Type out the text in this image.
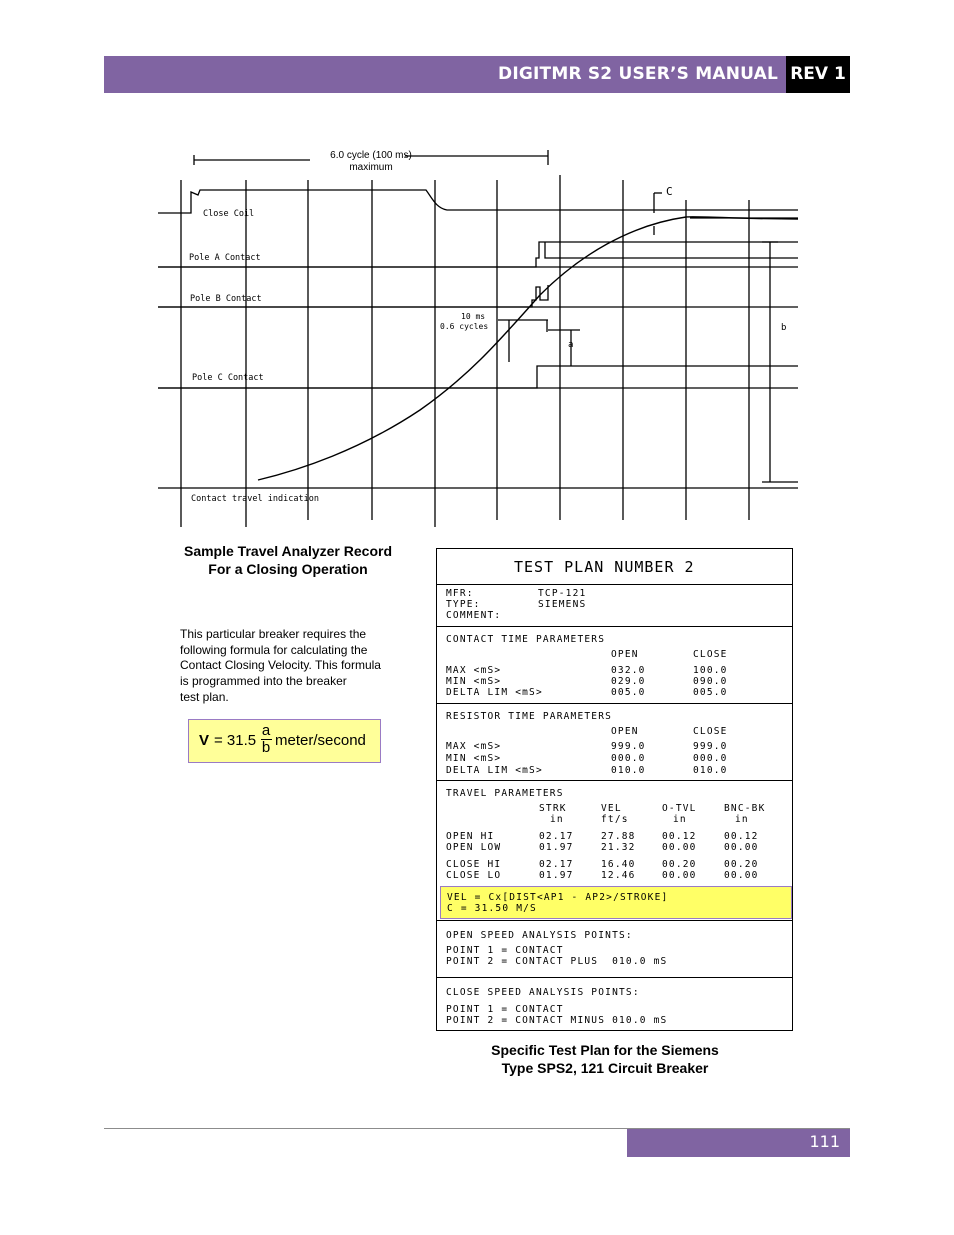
DIGITMR S2 USER’S MANUAL REV 1
6.0 cycle (100 ms)
maximum
C
a
b
10 ms
0.6 cycles
Close Coil
Pole A Contact
Pole B Contact
Pole C Contact
Contact travel indication
Sample Travel Analyzer Record
For a Closing Operation
This particular breaker requires the
following formula for calculating the
Contact Closing Velocity. This formula
is programmed into the breaker
test plan.
V = 31.5
a
b meter/second
TEST PLAN NUMBER 2
MFR:	TCP-121
TYPE:	SIEMENS
COMMENT:
CONTACT TIME PARAMETERS
OPEN	CLOSE
MAX <mS>	032.0	100.0
MIN <mS>	029.0	090.0
DELTA LIM <mS>	005.0	005.0
RESISTOR TIME PARAMETERS
OPEN	CLOSE
MAX <mS>	999.0	999.0
MIN <mS>	000.0	000.0
DELTA LIM <mS>	010.0	010.0
TRAVEL PARAMETERS
STRK	VEL	O-TVL	BNC-BK
in	ft/s	in	in
OPEN HI	02.17	27.88	00.12	00.12
OPEN LOW	01.97	21.32	00.00	00.00
CLOSE HI	02.17	16.40	00.20	00.20
CLOSE LO	01.97	12.46	00.00	00.00
VEL = Cx[DIST<AP1 - AP2>/STROKE]
C = 31.50 M/S
OPEN SPEED ANALYSIS POINTS:
POINT 1 = CONTACT
POINT 2 = CONTACT PLUS  010.0 mS
CLOSE SPEED ANALYSIS POINTS:
POINT 1 = CONTACT
POINT 2 = CONTACT MINUS 010.0 mS
Specific Test Plan for the Siemens
Type SPS2, 121 Circuit Breaker
111
